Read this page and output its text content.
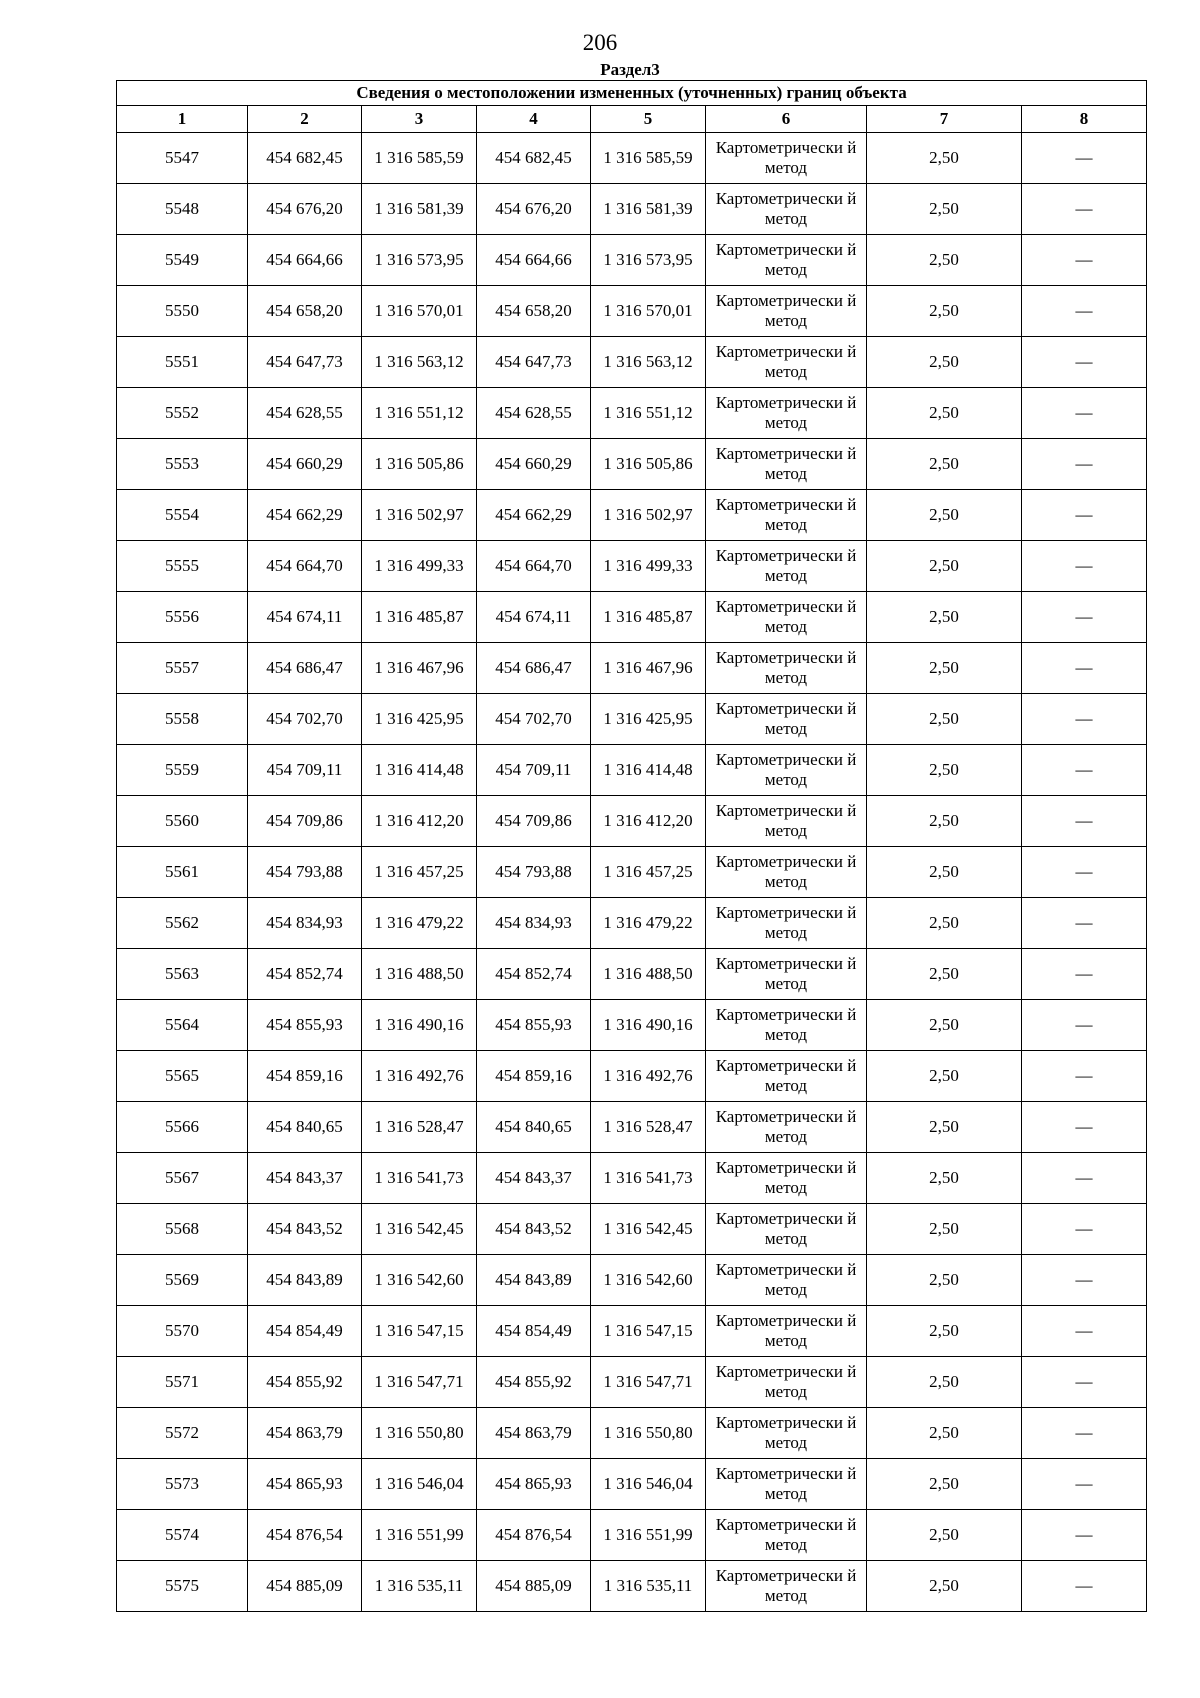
206
Раздел3
Сведения о местоположении измененных (уточненных) границ объекта							
1	2	3	4	5	6	7	8
5547	454 682,45	1 316 585,59	454 682,45	1 316 585,59	Картометрически й метод	2,50	—
5548	454 676,20	1 316 581,39	454 676,20	1 316 581,39	Картометрически й метод	2,50	—
5549	454 664,66	1 316 573,95	454 664,66	1 316 573,95	Картометрически й метод	2,50	—
5550	454 658,20	1 316 570,01	454 658,20	1 316 570,01	Картометрически й метод	2,50	—
5551	454 647,73	1 316 563,12	454 647,73	1 316 563,12	Картометрически й метод	2,50	—
5552	454 628,55	1 316 551,12	454 628,55	1 316 551,12	Картометрически й метод	2,50	—
5553	454 660,29	1 316 505,86	454 660,29	1 316 505,86	Картометрически й метод	2,50	—
5554	454 662,29	1 316 502,97	454 662,29	1 316 502,97	Картометрически й метод	2,50	—
5555	454 664,70	1 316 499,33	454 664,70	1 316 499,33	Картометрически й метод	2,50	—
5556	454 674,11	1 316 485,87	454 674,11	1 316 485,87	Картометрически й метод	2,50	—
5557	454 686,47	1 316 467,96	454 686,47	1 316 467,96	Картометрически й метод	2,50	—
5558	454 702,70	1 316 425,95	454 702,70	1 316 425,95	Картометрически й метод	2,50	—
5559	454 709,11	1 316 414,48	454 709,11	1 316 414,48	Картометрически й метод	2,50	—
5560	454 709,86	1 316 412,20	454 709,86	1 316 412,20	Картометрически й метод	2,50	—
5561	454 793,88	1 316 457,25	454 793,88	1 316 457,25	Картометрически й метод	2,50	—
5562	454 834,93	1 316 479,22	454 834,93	1 316 479,22	Картометрически й метод	2,50	—
5563	454 852,74	1 316 488,50	454 852,74	1 316 488,50	Картометрически й метод	2,50	—
5564	454 855,93	1 316 490,16	454 855,93	1 316 490,16	Картометрически й метод	2,50	—
5565	454 859,16	1 316 492,76	454 859,16	1 316 492,76	Картометрически й метод	2,50	—
5566	454 840,65	1 316 528,47	454 840,65	1 316 528,47	Картометрически й метод	2,50	—
5567	454 843,37	1 316 541,73	454 843,37	1 316 541,73	Картометрически й метод	2,50	—
5568	454 843,52	1 316 542,45	454 843,52	1 316 542,45	Картометрически й метод	2,50	—
5569	454 843,89	1 316 542,60	454 843,89	1 316 542,60	Картометрически й метод	2,50	—
5570	454 854,49	1 316 547,15	454 854,49	1 316 547,15	Картометрически й метод	2,50	—
5571	454 855,92	1 316 547,71	454 855,92	1 316 547,71	Картометрически й метод	2,50	—
5572	454 863,79	1 316 550,80	454 863,79	1 316 550,80	Картометрически й метод	2,50	—
5573	454 865,93	1 316 546,04	454 865,93	1 316 546,04	Картометрически й метод	2,50	—
5574	454 876,54	1 316 551,99	454 876,54	1 316 551,99	Картометрически й метод	2,50	—
5575	454 885,09	1 316 535,11	454 885,09	1 316 535,11	Картометрически й метод	2,50	—
